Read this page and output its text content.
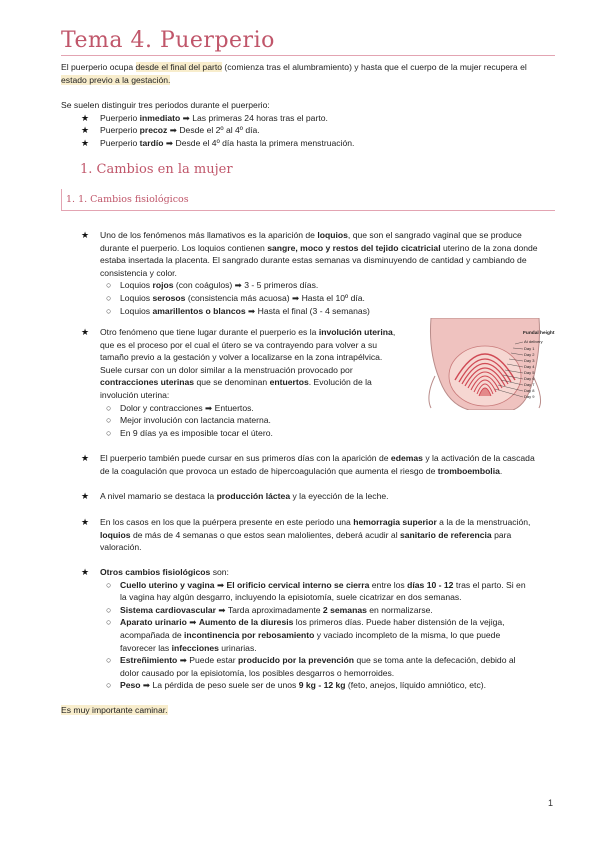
Tema 4. Puerperio

El puerperio ocupa desde el final del parto (comienza tras el alumbramiento) y hasta que el cuerpo de la mujer recupera el

estado previo a la gestación.

Se suelen distinguir tres periodos durante el puerperio:

★ Puerperio inmediato ➡ Las primeras 24 horas tras el parto.
★ Puerperio precoz ➡ Desde el 2º al 4º día.
★ Puerperio tardío ➡ Desde el 4º día hasta la primera menstruación.
1. Cambios en la mujer
1. 1. Cambios fisiológicos
★ Uno de los fenómenos más llamativos es la aparición de loquios, que son el sangrado vaginal que se produce
durante el puerperio. Los loquios contienen sangre, moco y restos del tejido cicatricial uterino de la zona donde
estaba insertada la placenta. El sangrado durante estas semanas va disminuyendo de cantidad y cambiando de
consistencia y color.
○ Loquios rojos (con coágulos) ➡ 3 - 5 primeros días.
○ Loquios serosos (consistencia más acuosa) ➡ Hasta el 10º día.
○ Loquios amarillentos o blancos ➡ Hasta el final (3 - 4 semanas)
★ Otro fenómeno que tiene lugar durante el puerperio es la involución uterina,
que es el proceso por el cual el útero se va contrayendo para volver a su
tamaño previo a la gestación y volver a localizarse en la zona intrapélvica.
Suele cursar con un dolor similar a la menstruación provocado por
contracciones uterinas que se denominan entuertos. Evolución de la
involución uterina:
○ Dolor y contracciones ➡ Entuertos.
○ Mejor involución con lactancia materna.
○ En 9 días ya es imposible tocar el útero.
Fundal height
At delivery
Day 1
Day 2
Day 3
Day 4
Day 5
Day 6
Day 7
Day 8
Day 9
★ El puerperio también puede cursar en sus primeros días con la aparición de edemas y la activación de la cascada
de la coagulación que provoca un estado de hipercoagulación que aumenta el riesgo de tromboembolia.
★ A nivel mamario se destaca la producción láctea y la eyección de la leche.
★ En los casos en los que la puérpera presente en este periodo una hemorragia superior a la de la menstruación,
loquios de más de 4 semanas o que estos sean malolientes, deberá acudir al sanitario de referencia para
valoración.
★ Otros cambios fisiológicos son:
○ Cuello uterino y vagina ➡ El orificio cervical interno se cierra entre los días 10 - 12 tras el parto. Si en
la vagina hay algún desgarro, incluyendo la episiotomía, suele cicatrizar en dos semanas.
○ Sistema cardiovascular ➡ Tarda aproximadamente 2 semanas en normalizarse.
○ Aparato urinario ➡ Aumento de la diuresis los primeros días. Puede haber distensión de la vejiga,
acompañada de incontinencia por rebosamiento y vaciado incompleto de la misma, lo que puede
favorecer las infecciones urinarias.
○ Estreñimiento ➡ Puede estar producido por la prevención que se toma ante la defecación, debido al
dolor causado por la episiotomía, los posibles desgarros o hemorroides.
○ Peso ➡ La pérdida de peso suele ser de unos 9 kg - 12 kg (feto, anejos, líquido amniótico, etc).

Es muy importante caminar.

1
